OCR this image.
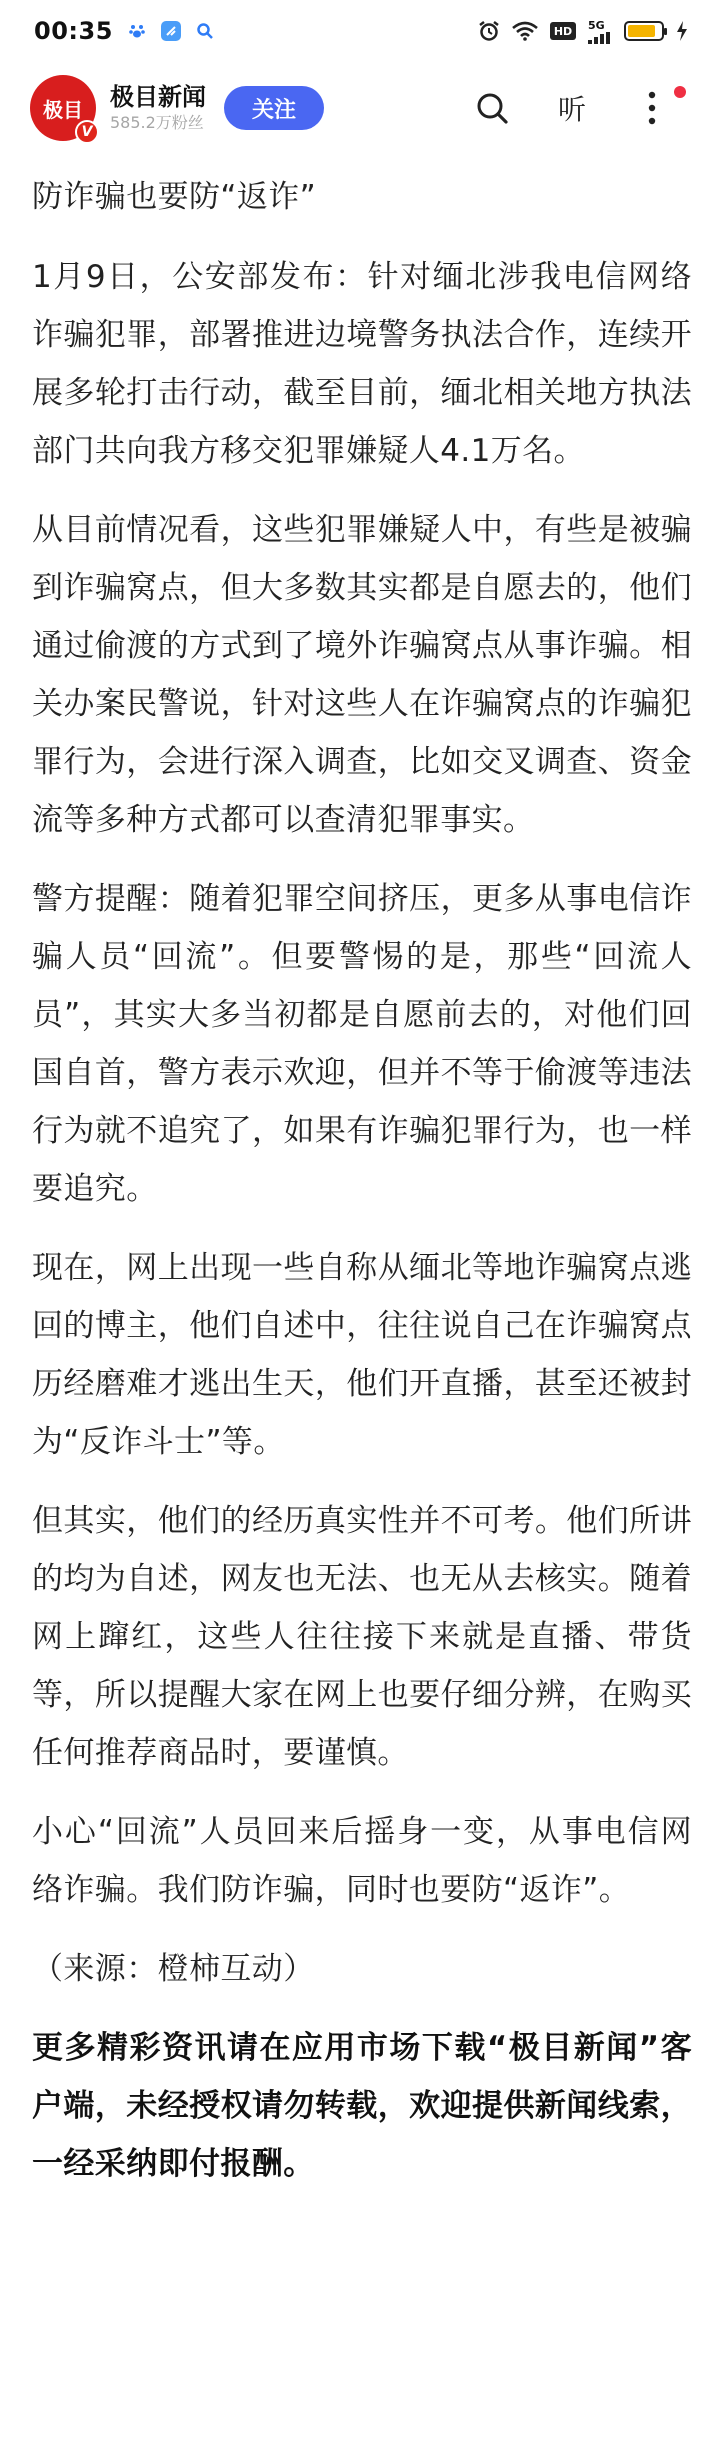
00:35	HD 5G
极目
V
极目新闻
585.2万粉丝
关注	听

防诈骗也要防“返诈”

1月9日，公安部发布：针对缅北涉我电信网络诈骗犯罪，部署推进边境警务执法合作，连续开展多轮打击行动，截至目前，缅北相关地方执法部门共向我方移交犯罪嫌疑人4.1万名。

从目前情况看，这些犯罪嫌疑人中，有些是被骗到诈骗窝点，但大多数其实都是自愿去的，他们通过偷渡的方式到了境外诈骗窝点从事诈骗。相关办案民警说，针对这些人在诈骗窝点的诈骗犯罪行为，会进行深入调查，比如交叉调查、资金流等多种方式都可以查清犯罪事实。

警方提醒：随着犯罪空间挤压，更多从事电信诈骗人员“回流”。但要警惕的是，那些“回流人员”，其实大多当初都是自愿前去的，对他们回国自首，警方表示欢迎，但并不等于偷渡等违法行为就不追究了，如果有诈骗犯罪行为，也一样要追究。

现在，网上出现一些自称从缅北等地诈骗窝点逃回的博主，他们自述中，往往说自己在诈骗窝点历经磨难才逃出生天，他们开直播，甚至还被封为“反诈斗士”等。

但其实，他们的经历真实性并不可考。他们所讲的均为自述，网友也无法、也无从去核实。随着网上蹿红，这些人往往接下来就是直播、带货等，所以提醒大家在网上也要仔细分辨，在购买任何推荐商品时，要谨慎。

小心“回流”人员回来后摇身一变，从事电信网络诈骗。我们防诈骗，同时也要防“返诈”。

（来源：橙柿互动）

更多精彩资讯请在应用市场下载“极目新闻”客户端，未经授权请勿转载，欢迎提供新闻线索，一经采纳即付报酬。
